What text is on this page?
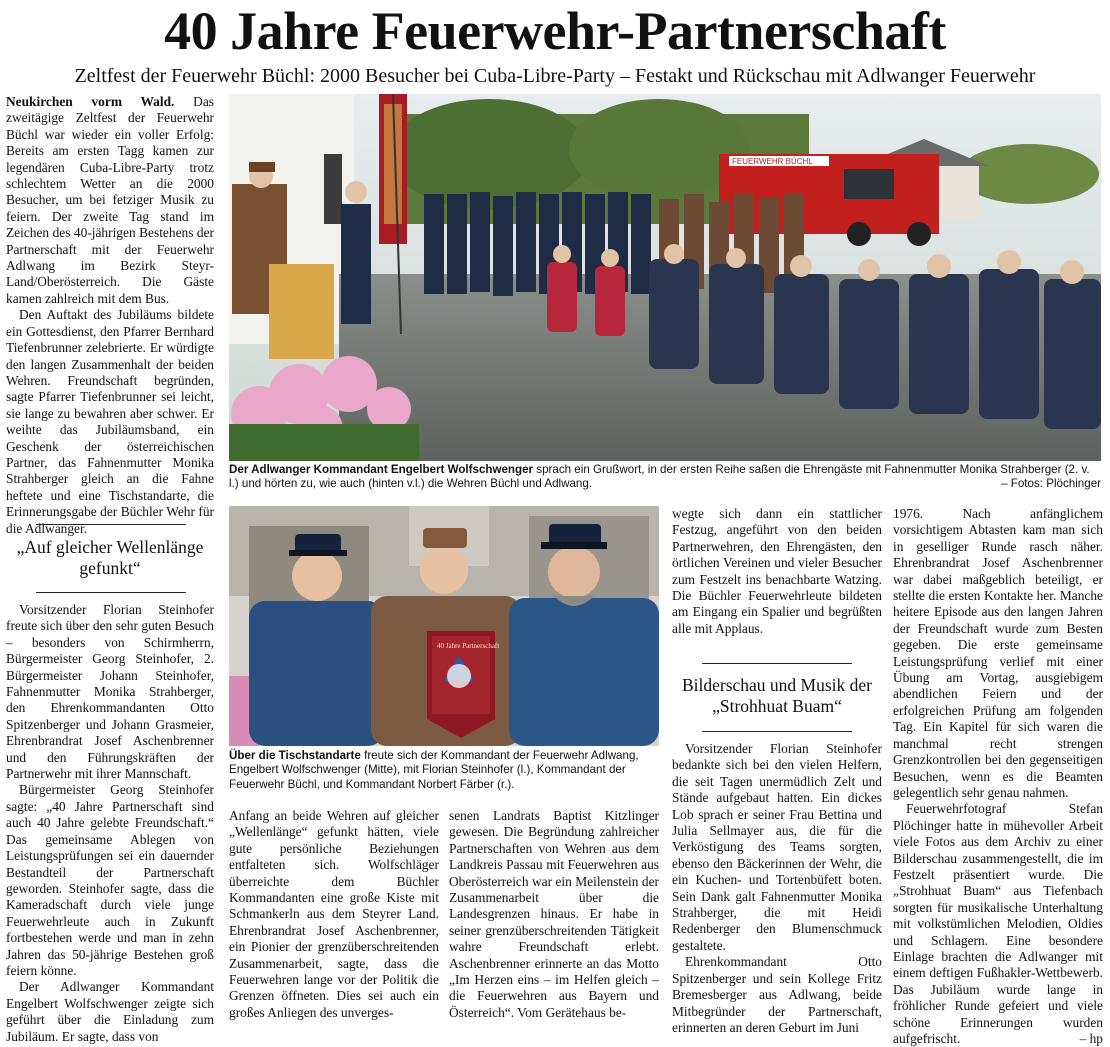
40 Jahre Feuerwehr-Partnerschaft
Zeltfest der Feuerwehr Büchl: 2000 Besucher bei Cuba-Libre-Party – Festakt und Rückschau mit Adlwanger Feuerwehr

Neukirchen vorm Wald. Das zweitägige Zeltfest der Feuerwehr Büchl war wieder ein voller Erfolg: Bereits am ersten Tagg kamen zur legendären Cuba-Libre-Party trotz schlechtem Wetter an die 2000 Besucher, um bei fetziger Musik zu feiern. Der zweite Tag stand im Zeichen des 40-jährigen Bestehens der Partnerschaft mit der Feuerwehr Adlwang im Bezirk Steyr-Land/Oberösterreich. Die Gäste kamen zahlreich mit dem Bus.

Den Auftakt des Jubiläums bildete ein Gottesdienst, den Pfarrer Bernhard Tiefenbrunner zelebrierte. Er würdigte den langen Zusammenhalt der beiden Wehren. Freundschaft begründen, sagte Pfarrer Tiefenbrunner sei leicht, sie lange zu bewahren aber schwer. Er weihte das Jubiläumsband, ein Geschenk der österreichischen Partner, das Fahnenmutter Monika Strahberger gleich an die Fahne heftete und eine Tischstandarte, die Erinnerungsgabe der Büchler Wehr für die Adlwanger.

„Auf gleicher Wellenlänge gefunkt“

Vorsitzender Florian Steinhofer freute sich über den sehr guten Besuch – besonders von Schirmherrn, Bürgermeister Georg Steinhofer, 2. Bürgermeister Johann Steinhofer, Fahnenmutter Monika Strahberger, den Ehrenkommandanten Otto Spitzenberger und Johann Grasmeier, Ehrenbrandrat Josef Aschenbrenner und den Führungskräften der Partnerwehr mit ihrer Mannschaft.

Bürgermeister Georg Steinhofer sagte: „40 Jahre Partnerschaft sind auch 40 Jahre gelebte Freundschaft.“ Das gemeinsame Ablegen von Leistungsprüfungen sei ein dauernder Bestandteil der Partnerschaft geworden. Steinhofer sagte, dass die Kameradschaft durch viele junge Feuerwehrleute auch in Zukunft fortbestehen werde und man in zehn Jahren das 50-jährige Bestehen groß feiern könne.

Der Adlwanger Kommandant Engelbert Wolfschwenger zeigte sich geführt über die Einladung zum Jubiläum. Er sagte, dass von

FEUERWEHR BÜCHL
Der Adlwanger Kommandant Engelbert Wolfschwenger sprach ein Grußwort, in der ersten Reihe saßen die Ehrengäste mit Fahnenmutter Monika Strahberger (2. v. l.) und hörten zu, wie auch (hinten v.l.) die Wehren Büchl und Adlwang.	– Fotos: Plöchinger
40 Jahre Partnerschaft
Über die Tischstandarte freute sich der Kommandant der Feuerwehr Adlwang, Engelbert Wolfschwenger (Mitte), mit Florian Steinhofer (l.), Kommandant der Feuerwehr Büchl, und Kommandant Norbert Färber (r.).

Anfang an beide Wehren auf gleicher „Wellenlänge“ gefunkt hätten, viele gute persönliche Beziehungen entfalteten sich. Wolfschläger überreichte dem Büchler Kommandanten eine große Kiste mit Schmankerln aus dem Steyrer Land. Ehrenbrandrat Josef Aschenbrenner, ein Pionier der grenzüberschreitenden Zusammenarbeit, sagte, dass die Feuerwehren lange vor der Politik die Grenzen öffneten. Dies sei auch ein großes Anliegen des unverges-

senen Landrats Baptist Kitzlinger gewesen. Die Begründung zahlreicher Partnerschaften von Wehren aus dem Landkreis Passau mit Feuerwehren aus Oberösterreich war ein Meilenstein der Zusammenarbeit über die Landesgrenzen hinaus. Er habe in seiner grenzüberschreitenden Tätigkeit wahre Freundschaft erlebt. Aschenbrenner erinnerte an das Motto „Im Herzen eins – im Helfen gleich – die Feuerwehren aus Bayern und Österreich“. Vom Gerätehaus be-

wegte sich dann ein stattlicher Festzug, angeführt von den beiden Partnerwehren, den Ehrengästen, den örtlichen Vereinen und vieler Besucher zum Festzelt ins benachbarte Watzing. Die Büchler Feuerwehrleute bildeten am Eingang ein Spalier und begrüßten alle mit Applaus.

Bilderschau und Musik der „Strohhuat Buam“

Vorsitzender Florian Steinhofer bedankte sich bei den vielen Helfern, die seit Tagen unermüdlich Zelt und Stände aufgebaut hatten. Ein dickes Lob sprach er seiner Frau Bettina und Julia Sellmayer aus, die für die Verköstigung des Teams sorgten, ebenso den Bäckerinnen der Wehr, die ein Kuchen- und Tortenbüfett boten. Sein Dank galt Fahnenmutter Monika Strahberger, die mit Heidi Redenberger den Blumenschmuck gestaltete.

Ehrenkommandant Otto Spitzenberger und sein Kollege Fritz Bremesberger aus Adlwang, beide Mitbegründer der Partnerschaft, erinnerten an deren Geburt im Juni

1976. Nach anfänglichem vorsichtigem Abtasten kam man sich in geselliger Runde rasch näher. Ehrenbrandrat Josef Aschenbrenner war dabei maßgeblich beteiligt, er stellte die ersten Kontakte her. Manche heitere Episode aus den langen Jahren der Freundschaft wurde zum Besten gegeben. Die erste gemeinsame Leistungsprüfung verlief mit einer Übung am Vortag, ausgiebigem abendlichen Feiern und der erfolgreichen Prüfung am folgenden Tag. Ein Kapitel für sich waren die manchmal recht strengen Grenzkontrollen bei den gegenseitigen Besuchen, wenn es die Beamten gelegentlich sehr genau nahmen.

Feuerwehrfotograf Stefan Plöchinger hatte in mühevoller Arbeit viele Fotos aus dem Archiv zu einer Bilderschau zusammengestellt, die im Festzelt präsentiert wurde. Die „Strohhuat Buam“ aus Tiefenbach sorgten für musikalische Unterhaltung mit volkstümlichen Melodien, Oldies und Schlagern. Eine besondere Einlage brachten die Adlwanger mit einem deftigen Fußhakler-Wettbewerb. Das Jubiläum wurde lange in fröhlicher Runde gefeiert und viele schöne Erinnerungen wurden aufgefrischt.	– hp
